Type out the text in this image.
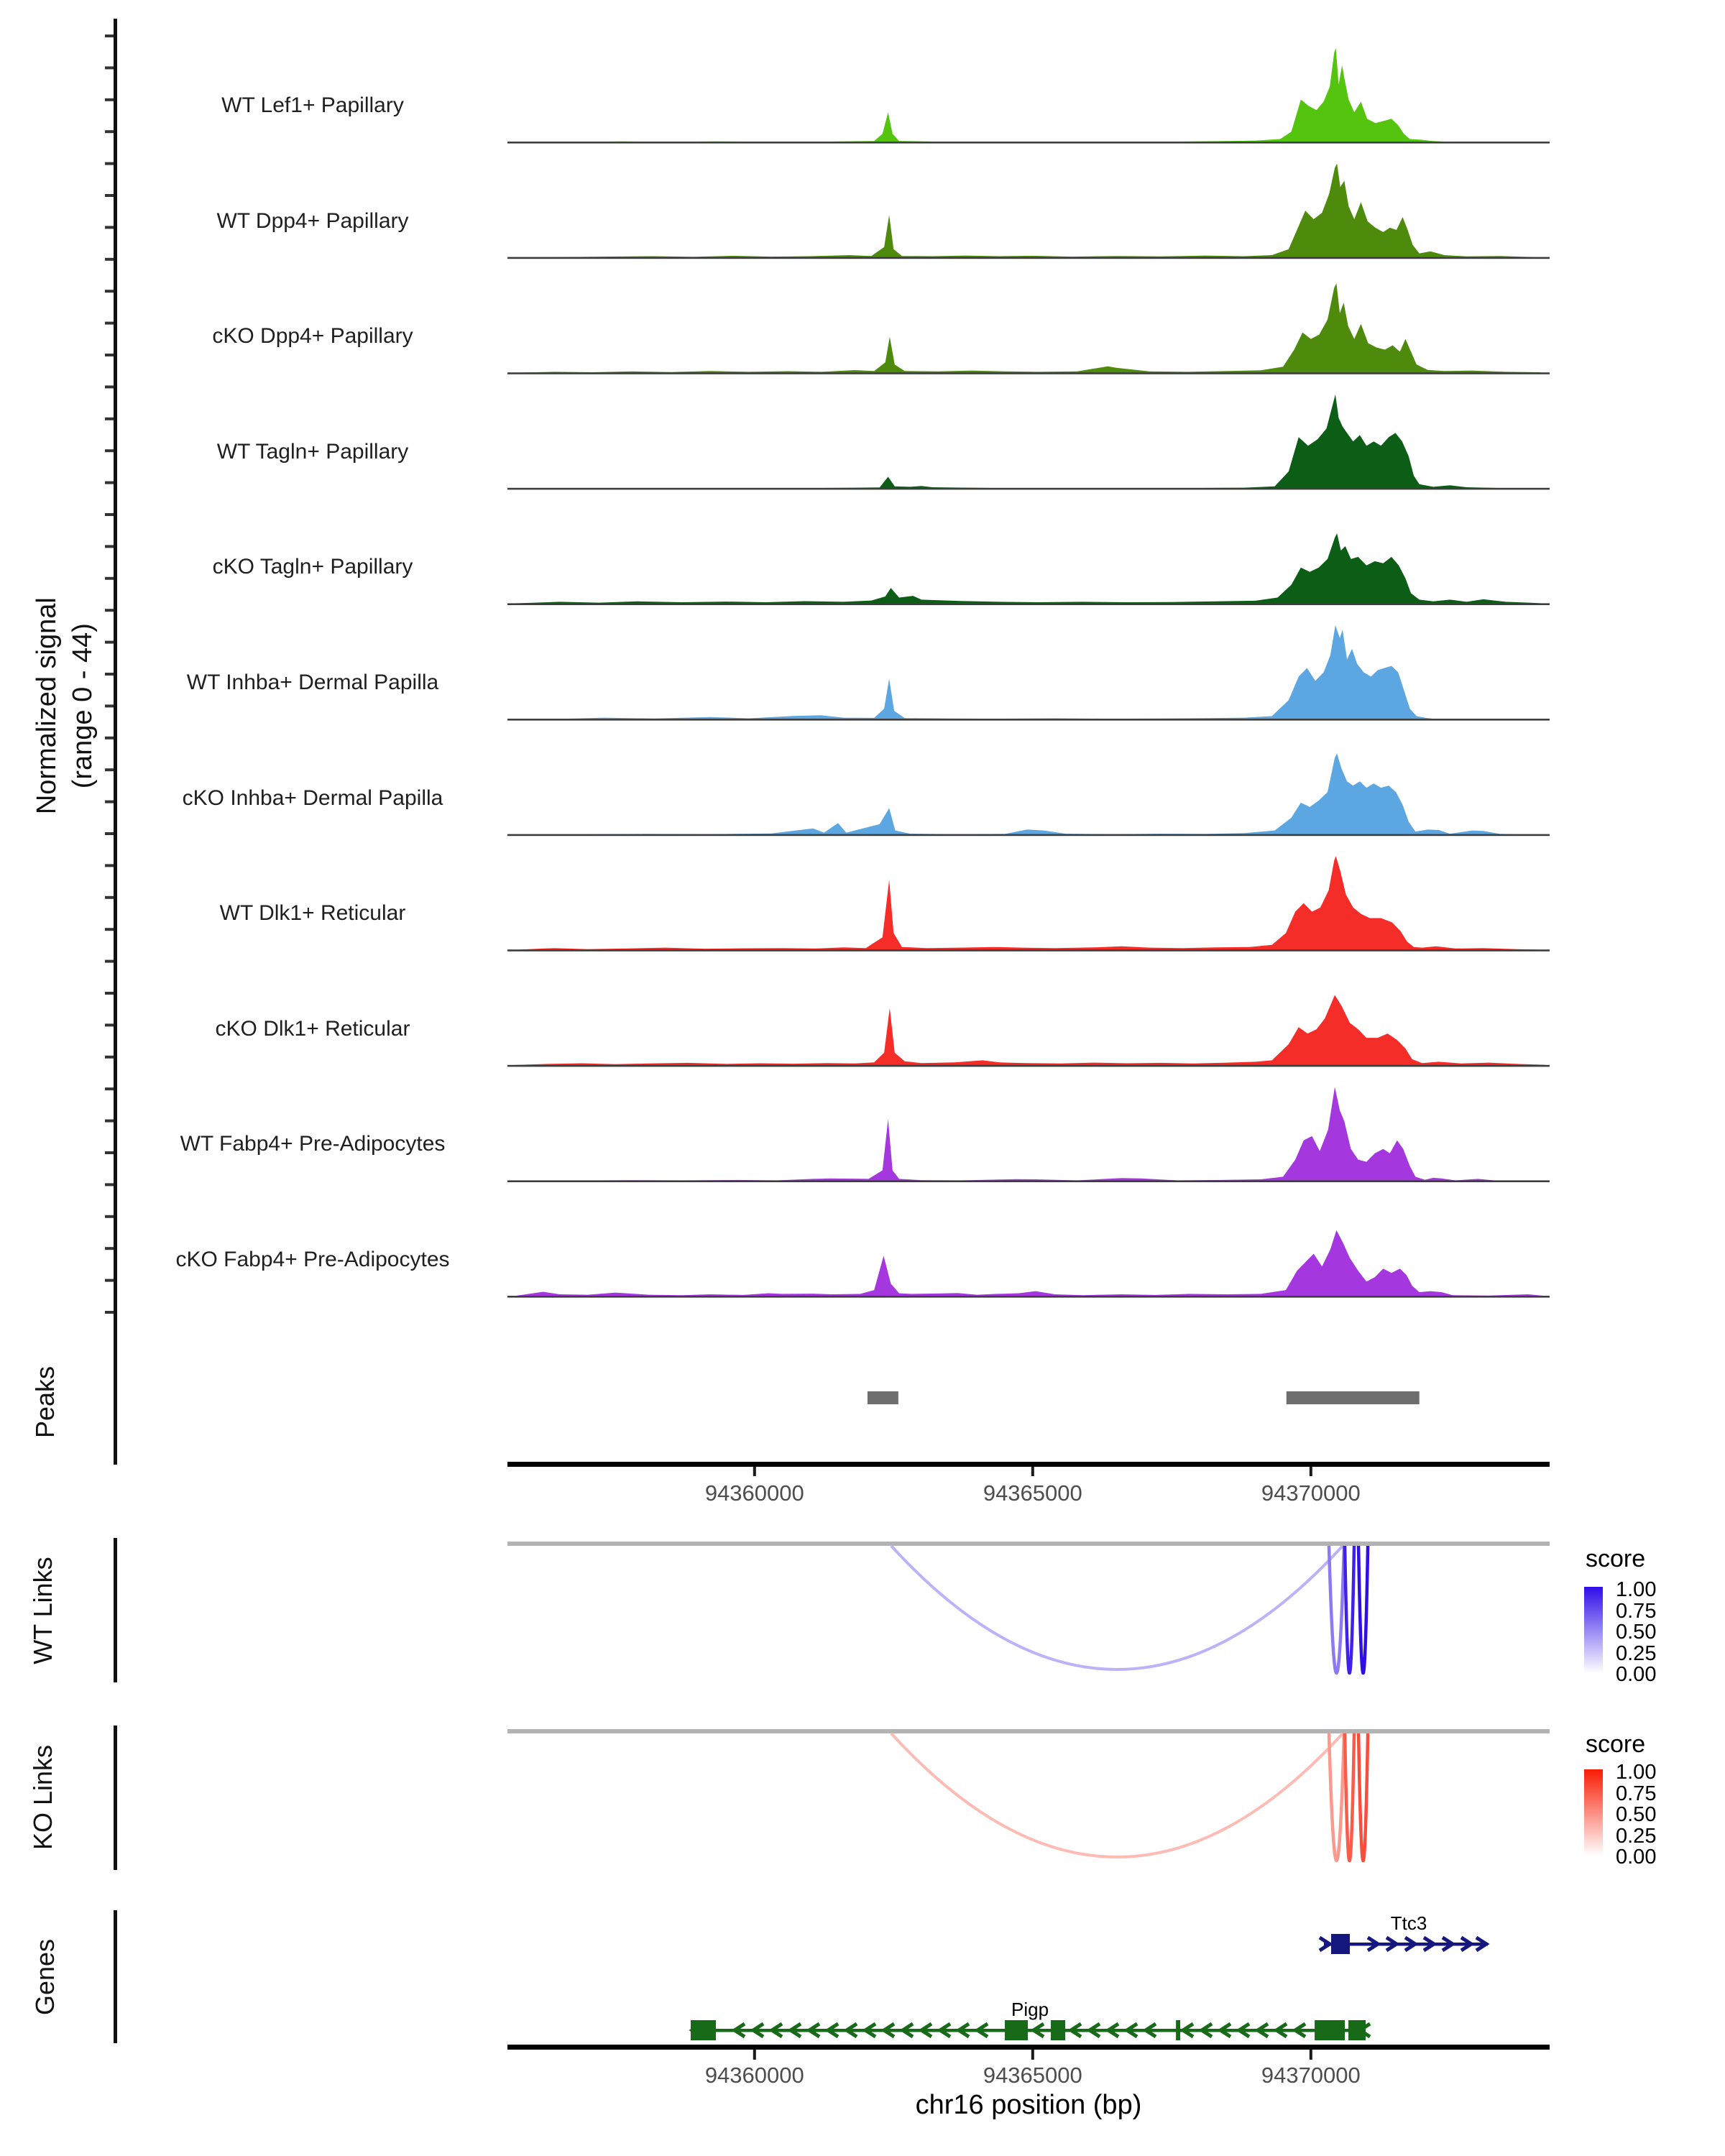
Normalized signal (range 0 - 44)
Peaks
WT Links
KO Links
Genes
chr16 position (bp)
score
score
WT Lef1+ Papillary
WT Dpp4+ Papillary
cKO Dpp4+ Papillary
WT Tagln+ Papillary
cKO Tagln+ Papillary
WT Inhba+ Dermal Papilla
cKO Inhba+ Dermal Papilla
WT Dlk1+ Reticular
cKO Dlk1+ Reticular
WT Fabp4+ Pre-Adipocytes
cKO Fabp4+ Pre-Adipocytes
94360000	94365000	94370000
1.00
1.00
0.75
0.75
0.50
0.50
0.25
0.25
0.00
0.00
Ttc3
Pigp
94360000	94365000	94370000
